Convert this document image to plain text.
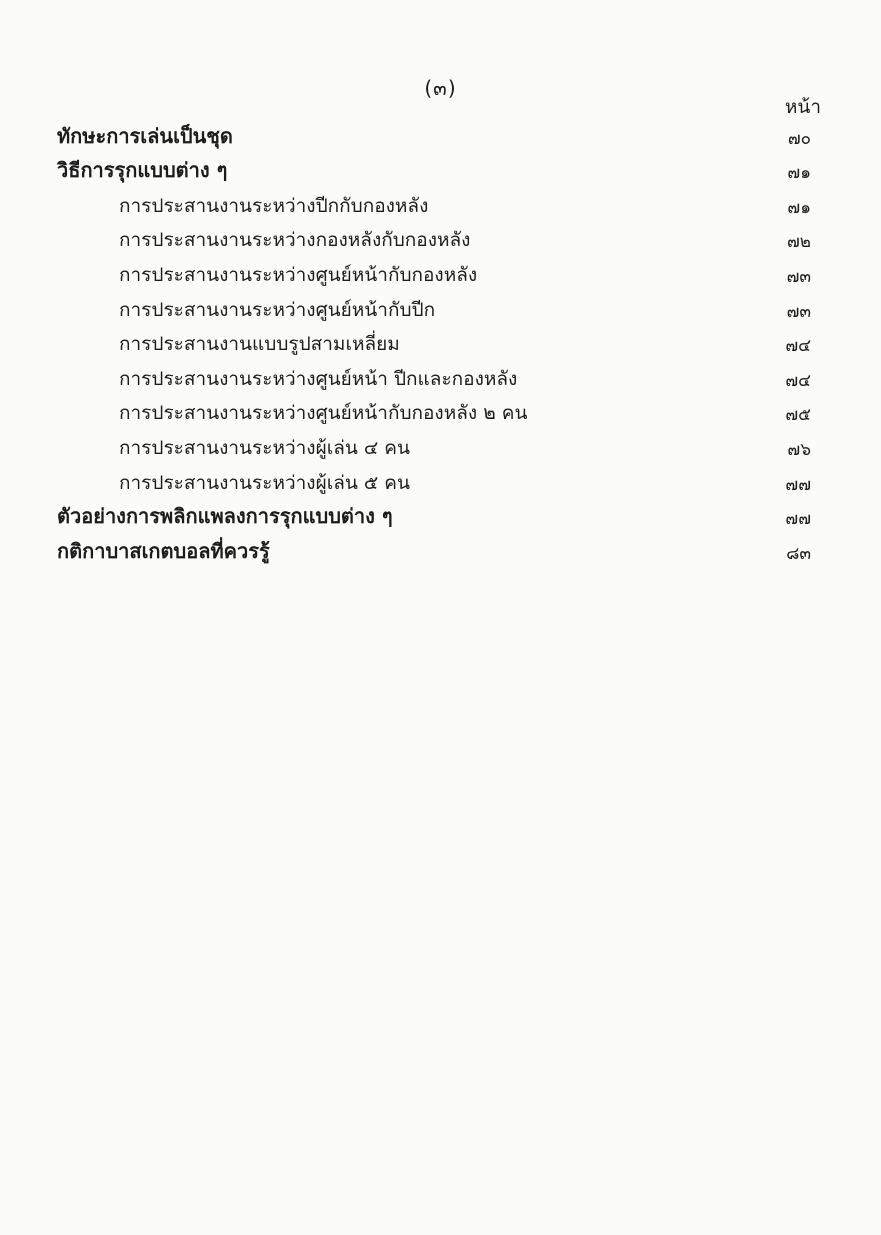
(๓)
หน้า
ทักษะการเล่นเป็นชุด	๗๐
วิธีการรุกแบบต่าง ๆ	๗๑
การประสานงานระหว่างปีกกับกองหลัง	๗๑
การประสานงานระหว่างกองหลังกับกองหลัง	๗๒
การประสานงานระหว่างศูนย์หน้ากับกองหลัง	๗๓
การประสานงานระหว่างศูนย์หน้ากับปีก	๗๓
การประสานงานแบบรูปสามเหลี่ยม	๗๔
การประสานงานระหว่างศูนย์หน้า ปีกและกองหลัง	๗๔
การประสานงานระหว่างศูนย์หน้ากับกองหลัง ๒ คน	๗๕
การประสานงานระหว่างผู้เล่น ๔ คน	๗๖
การประสานงานระหว่างผู้เล่น ๕ คน	๗๗
ตัวอย่างการพลิกแพลงการรุกแบบต่าง ๆ	๗๗
กติกาบาสเกตบอลที่ควรรู้	๘๓
